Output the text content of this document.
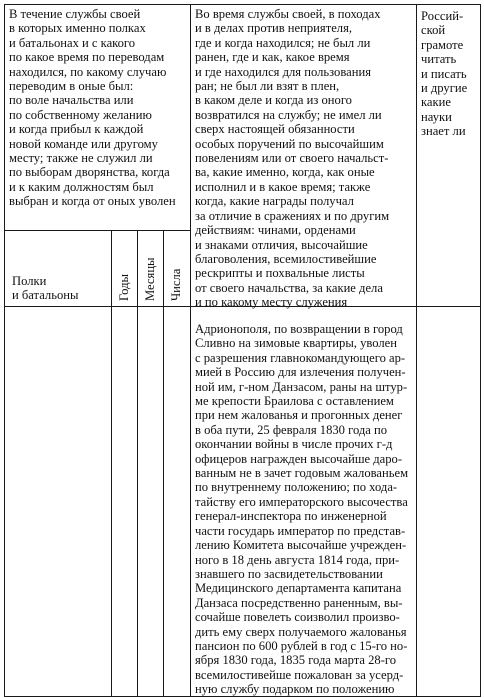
В течение службы своей
в которых именно полках
и батальонах и с какого
по какое время по переводам
находился, по какому случаю
переводим в оные был:
по воле начальства или
по собственному желанию
и когда прибыл к каждой
новой команде или другому
месту; также не служил ли
по выборам дворянства, когда
и к каким должностям был
выбран и когда от оных уволен
Во время службы своей, в походах
и в делах против неприятеля,
где и когда находился; не был ли
ранен, где и как, какое время
и где находился для пользования
ран; не был ли взят в плен,
в каком деле и когда из оного
возвратился на службу; не имел ли
сверх настоящей обязанности
особых поручений по высочайшим
повелениям или от своего начальст-
ва, какие именно, когда, как оные
исполнил и в какое время; также
когда, какие награды получал
за отличие в сражениях и по другим
действиям: чинами, орденами
и знаками отличия, высочайшие
благоволения, всемилостивейшие
рескрипты и похвальные листы
от своего начальства, за какие дела
и по какому месту служения
Россий-
ской
грамоте
читать
и писать
и другие
какие
науки
знает ли
Полки
и батальоны	Годы Месяцы Числа
Адрионополя, по возвращении в город
Сливно на зимовые квартиры, уволен
с разрешения главнокомандующего ар-
мией в Россию для излечения получен-
ной им, г-ном Данзасом, раны на штур-
ме крепости Браилова с оставлением
при нем жалованья и прогонных денег
в оба пути, 25 февраля 1830 года по
окончании войны в числе прочих г-д
офицеров награжден высочайше даро-
ванным не в зачет годовым жалованьем
по внутреннему положению; по хода-
тайству его императорского высочества
генерал-инспектора по инженерной
части государь император по представ-
лению Комитета высочайше учрежден-
ного в 18 день августа 1814 года, при-
знавшего по засвидетельствовании
Медицинского департамента капитана
Данзаса посредственно раненным, вы-
сочайше повелеть соизволил произво-
дить ему сверх получаемого жалованья
пансион по 600 рублей в год с 15-го но-
ября 1830 года, 1835 года марта 28-го
всемилостивейше пожалован за усерд-
ную службу подарком по положению
